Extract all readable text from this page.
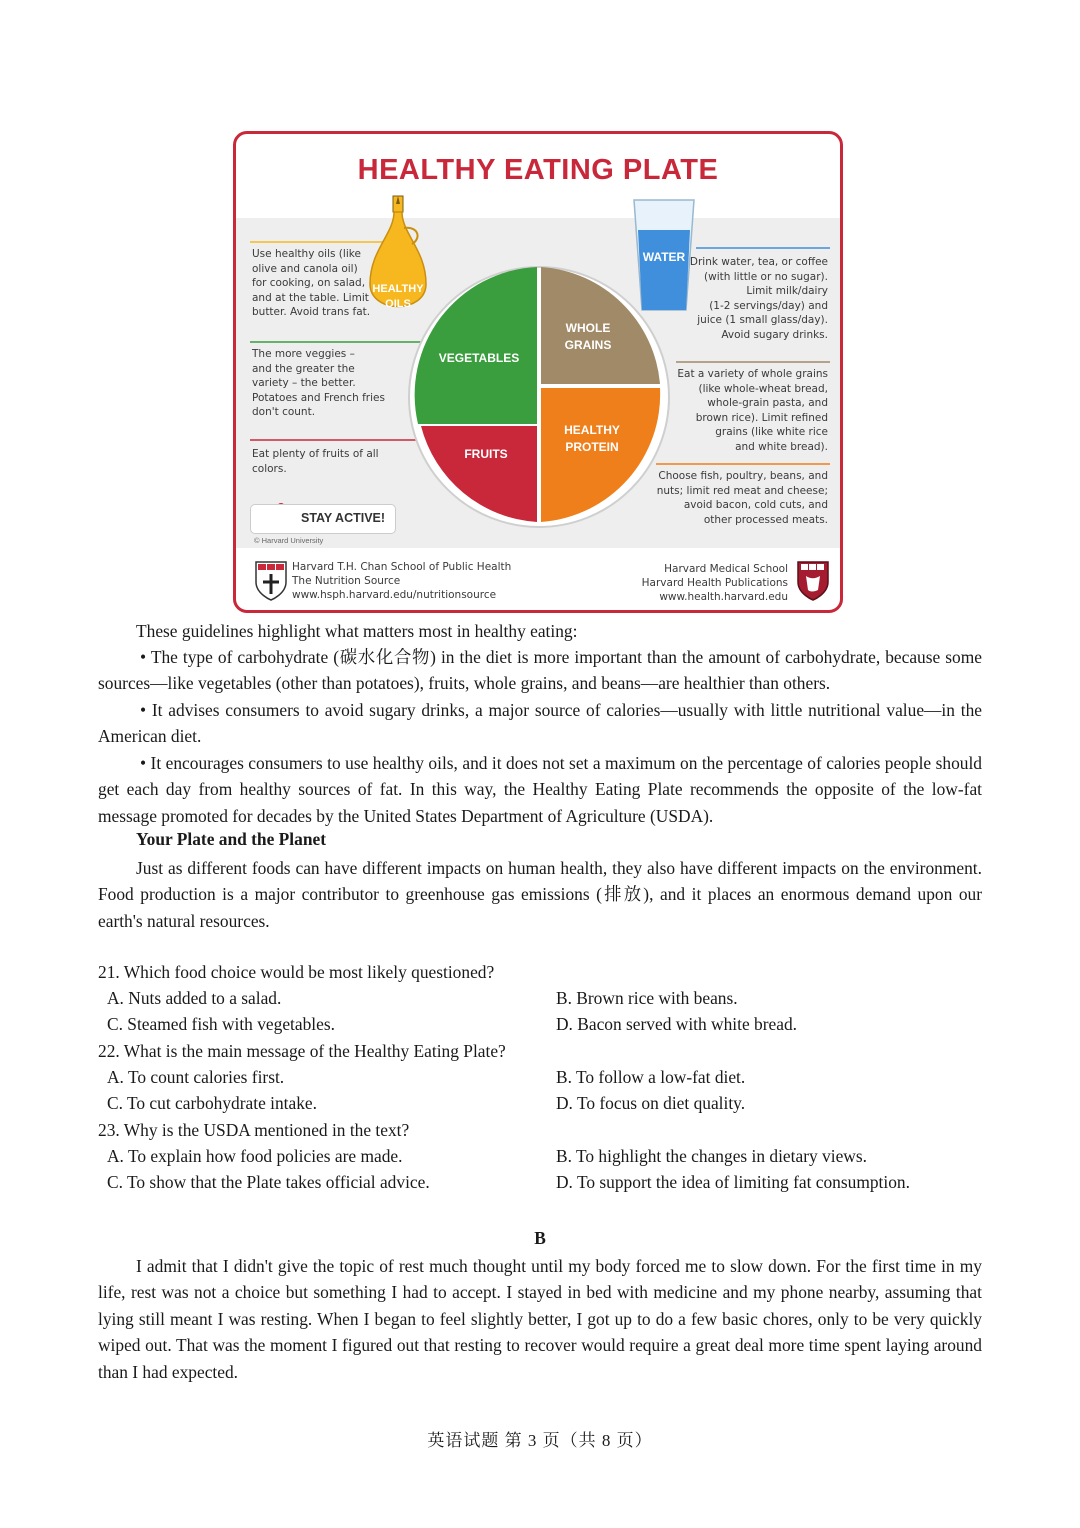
HEALTHY EATING PLATE
HEALTHY
OILS
WATER
VEGETABLES
FRUITS
WHOLE
GRAINS
HEALTHY
PROTEIN
Use healthy oils (like
olive and canola oil)
for cooking, on salad,
and at the table. Limit
butter. Avoid trans fat.
The more veggies –
and the greater the
variety – the better.
Potatoes and French fries
don't count.
Eat plenty of fruits of all
colors.
Drink water, tea, or coffee
(with little or no sugar).
Limit milk/dairy
(1-2 servings/day) and
juice (1 small glass/day).
Avoid sugary drinks.
Eat a variety of whole grains
(like whole-wheat bread,
whole-grain pasta, and
brown rice). Limit refined
grains (like white rice
and white bread).
Choose fish, poultry, beans, and
nuts; limit red meat and cheese;
avoid bacon, cold cuts, and
other processed meats.
STAY ACTIVE!
© Harvard University
Harvard T.H. Chan School of Public Health
The Nutrition Source
www.hsph.harvard.edu/nutritionsource
Harvard Medical School
Harvard Health Publications
www.health.harvard.edu

These guidelines highlight what matters most in healthy eating:

• The type of carbohydrate (碳水化合物) in the diet is more important than the amount of carbohydrate, because some sources—like vegetables (other than potatoes), fruits, whole grains, and beans—are healthier than others.

• It advises consumers to avoid sugary drinks, a major source of calories—usually with little nutritional value—in the American diet.

• It encourages consumers to use healthy oils, and it does not set a maximum on the percentage of calories people should get each day from healthy sources of fat. In this way, the Healthy Eating Plate recommends the opposite of the low-fat message promoted for decades by the United States Department of Agriculture (USDA).

Your Plate and the Planet

Just as different foods can have different impacts on human health, they also have different impacts on the environment. Food production is a major contributor to greenhouse gas emissions (排放), and it places an enormous demand upon our earth's natural resources.

21. Which food choice would be most likely questioned?
A. Nuts added to a salad.	B. Brown rice with beans.
C. Steamed fish with vegetables.	D. Bacon served with white bread.
22. What is the main message of the Healthy Eating Plate?
A. To count calories first.	B. To follow a low-fat diet.
C. To cut carbohydrate intake.	D. To focus on diet quality.
23. Why is the USDA mentioned in the text?
A. To explain how food policies are made.	B. To highlight the changes in dietary views.
C. To show that the Plate takes official advice.	D. To support the idea of limiting fat consumption.
B

I admit that I didn't give the topic of rest much thought until my body forced me to slow down. For the first time in my life, rest was not a choice but something I had to accept. I stayed in bed with medicine and my phone nearby, assuming that lying still meant I was resting. When I began to feel slightly better, I got up to do a few basic chores, only to be very quickly wiped out. That was the moment I figured out that resting to recover would require a great deal more time spent laying around than I had expected.

英语试题 第 3 页（共 8 页）
